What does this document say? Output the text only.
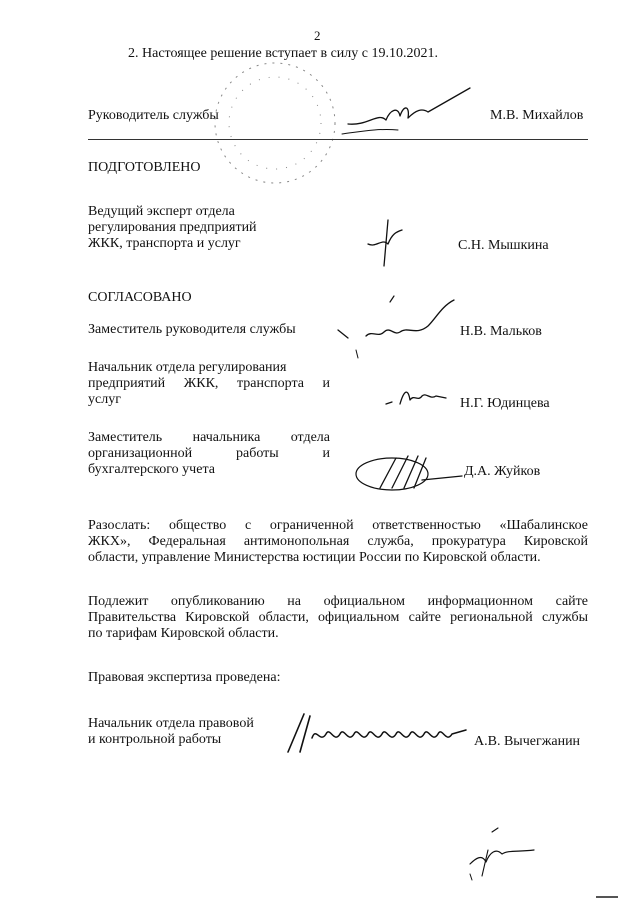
2
2. Настоящее решение вступает в силу с 19.10.2021.
Руководитель службы	М.В. Михайлов
ПОДГОТОВЛЕНО
Ведущий эксперт отдела
регулирования предприятий
ЖКК, транспорта и услуг	С.Н. Мышкина
СОГЛАСОВАНО
Заместитель руководителя службы	Н.В. Мальков
Начальник отдела регулирования
предприятий ЖКК, транспорта и
услуг	Н.Г. Юдинцева
Заместитель начальника отдела
организационной работы и
бухгалтерского учета	Д.А. Жуйков
Разослать: общество с ограниченной ответственностью «Шабалинское
ЖКХ», Федеральная антимонопольная служба, прокуратура Кировской
области, управление Министерства юстиции России по Кировской области.
Подлежит опубликованию на официальном информационном сайте
Правительства Кировской области, официальном сайте региональной службы
по тарифам Кировской области.
Правовая экспертиза проведена:
Начальник отдела правовой
и контрольной работы	А.В. Вычегжанин
